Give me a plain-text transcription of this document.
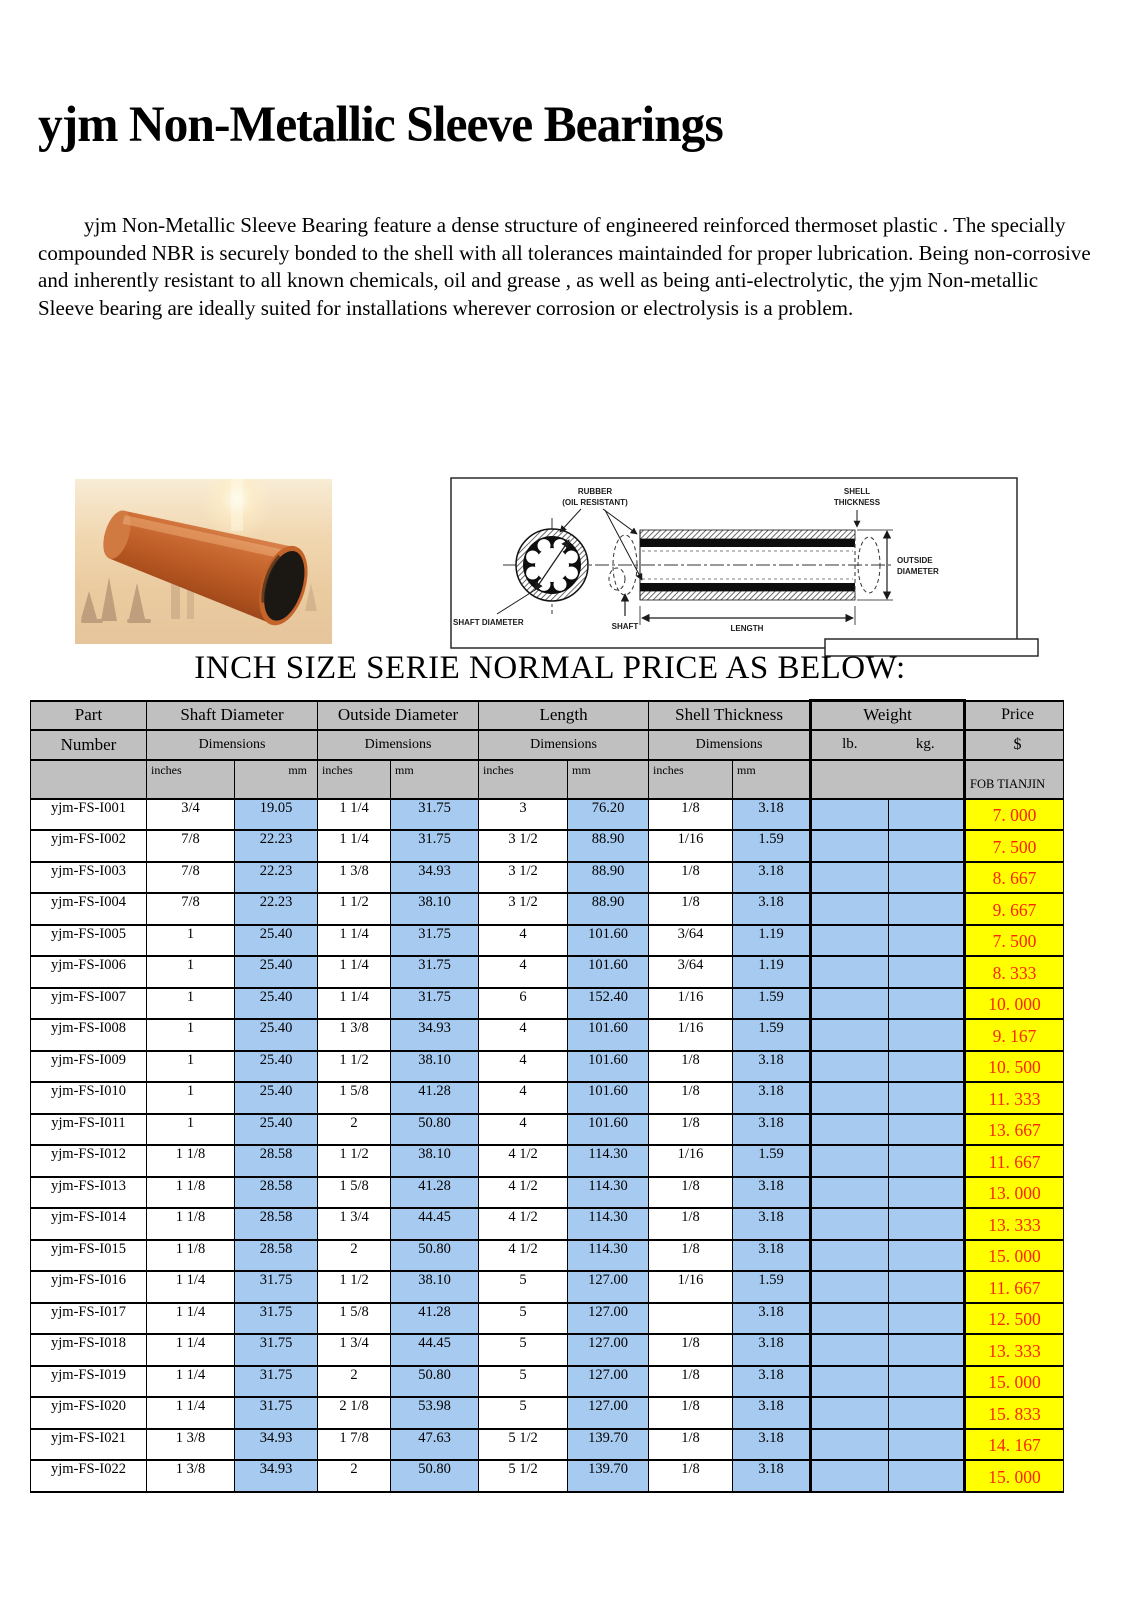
yjm Non-Metallic Sleeve Bearings

yjm Non-Metallic Sleeve Bearing feature a dense structure of engineered reinforced thermoset plastic . The specially compounded NBR is securely bonded to the shell with all tolerances maintainded for proper lubrication. Being non-corrosive and inherently resistant to all known chemicals, oil and grease , as well as being anti-electrolytic, the yjm Non-metallic Sleeve bearing are ideally suited for installations wherever corrosion or electrolysis is a problem.

RUBBER
(OIL RESISTANT)
SHELL
THICKNESS
OUTSIDE
DIAMETER
SHAFT DIAMETER	SHAFT	LENGTH
INCH SIZE SERIE NORMAL PRICE AS BELOW:
Part	Shaft Diameter		Outside Diameter		Length		Shell Thickness		Weight		Price
Number	Dimensions		Dimensions		Dimensions		Dimensions		lb. kg.		$
	inches	mm	inches	mm	inches	mm	inches	mm			FOB TIANJIN
yjm-FS-I001	3/4	19.05	1 1/4	31.75	3	76.20	1/8	3.18			7. 000
yjm-FS-I002	7/8	22.23	1 1/4	31.75	3 1/2	88.90	1/16	1.59			7. 500
yjm-FS-I003	7/8	22.23	1 3/8	34.93	3 1/2	88.90	1/8	3.18			8. 667
yjm-FS-I004	7/8	22.23	1 1/2	38.10	3 1/2	88.90	1/8	3.18			9. 667
yjm-FS-I005	1	25.40	1 1/4	31.75	4	101.60	3/64	1.19			7. 500
yjm-FS-I006	1	25.40	1 1/4	31.75	4	101.60	3/64	1.19			8. 333
yjm-FS-I007	1	25.40	1 1/4	31.75	6	152.40	1/16	1.59			10. 000
yjm-FS-I008	1	25.40	1 3/8	34.93	4	101.60	1/16	1.59			9. 167
yjm-FS-I009	1	25.40	1 1/2	38.10	4	101.60	1/8	3.18			10. 500
yjm-FS-I010	1	25.40	1 5/8	41.28	4	101.60	1/8	3.18			11. 333
yjm-FS-I011	1	25.40	2	50.80	4	101.60	1/8	3.18			13. 667
yjm-FS-I012	1 1/8	28.58	1 1/2	38.10	4 1/2	114.30	1/16	1.59			11. 667
yjm-FS-I013	1 1/8	28.58	1 5/8	41.28	4 1/2	114.30	1/8	3.18			13. 000
yjm-FS-I014	1 1/8	28.58	1 3/4	44.45	4 1/2	114.30	1/8	3.18			13. 333
yjm-FS-I015	1 1/8	28.58	2	50.80	4 1/2	114.30	1/8	3.18			15. 000
yjm-FS-I016	1 1/4	31.75	1 1/2	38.10	5	127.00	1/16	1.59			11. 667
yjm-FS-I017	1 1/4	31.75	1 5/8	41.28	5	127.00		3.18			12. 500
yjm-FS-I018	1 1/4	31.75	1 3/4	44.45	5	127.00	1/8	3.18			13. 333
yjm-FS-I019	1 1/4	31.75	2	50.80	5	127.00	1/8	3.18			15. 000
yjm-FS-I020	1 1/4	31.75	2 1/8	53.98	5	127.00	1/8	3.18			15. 833
yjm-FS-I021	1 3/8	34.93	1 7/8	47.63	5 1/2	139.70	1/8	3.18			14. 167
yjm-FS-I022	1 3/8	34.93	2	50.80	5 1/2	139.70	1/8	3.18			15. 000
